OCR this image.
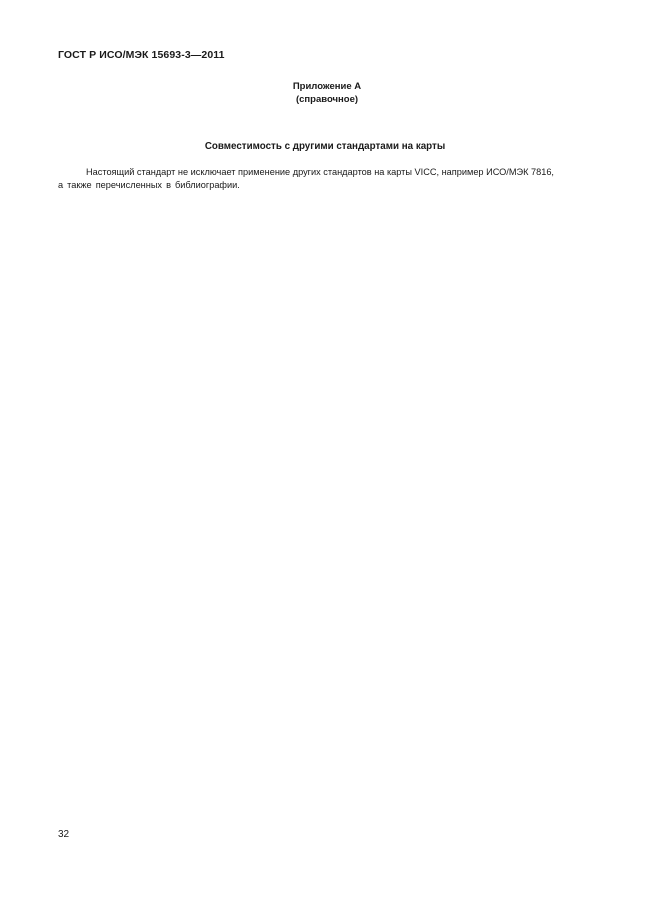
ГОСТ Р ИСО/МЭК 15693-3—2011
Приложение А
(справочное)
Совместимость с другими стандартами на карты
Настоящий стандарт не исключает применение других стандартов на карты VICC, например ИСО/МЭК 7816,
а также перечисленных в библиографии.
32
